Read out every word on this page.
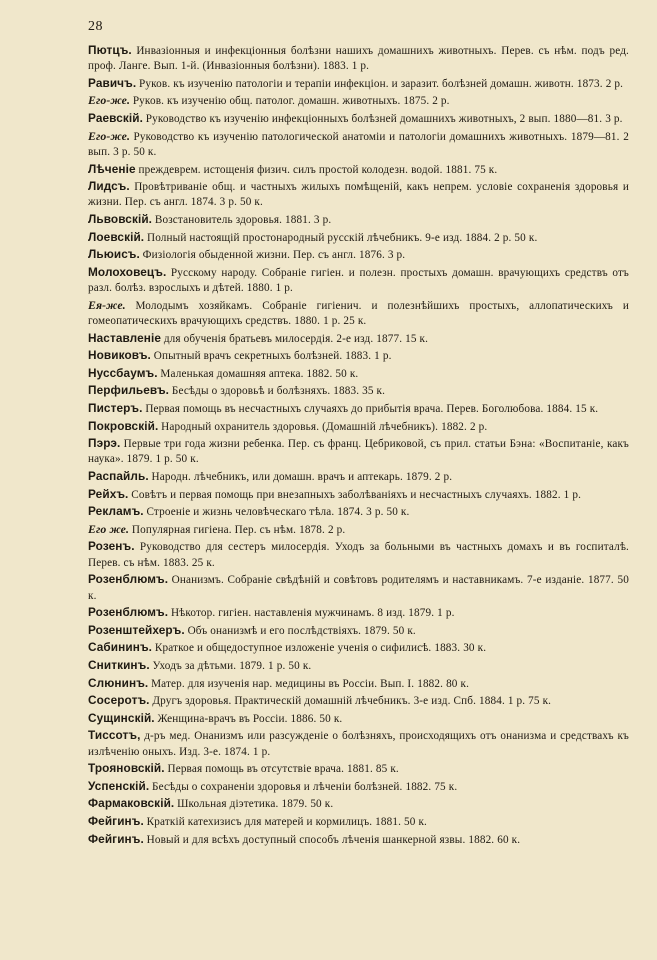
28
Пютцъ. Инвазіонныя и инфекціонныя болѣзни нашихъ домашнихъ животныхъ. Перев. съ нѣм. подъ ред. проф. Ланге. Вып. 1-й. (Инвазіонныя болѣзни). 1883. 1 р.
Равичъ. Руков. къ изученію патологіи и терапіи инфекціон. и заразит. болѣзней домашн. животн. 1873. 2 р.
Его-же. Руков. къ изученію общ. патолог. домашн. животныхъ. 1875. 2 р.
Раевскій. Руководство къ изученію инфекціонныхъ болѣзней домашнихъ животныхъ, 2 вып. 1880—81. 3 р.
Его-же. Руководство къ изученію патологической анатоміи и патологіи домашнихъ животныхъ. 1879—81. 2 вып. 3 р. 50 к.
Лѣченіе преждеврем. истощенія физич. силъ простой колодезн. водой. 1881. 75 к.
Лидсъ. Провѣтриваніе общ. и частныхъ жилыхъ помѣщеній, какъ непрем. условіе сохраненія здоровья и жизни. Пер. съ англ. 1874. 3 р. 50 к.
Львовскій. Возстановитель здоровья. 1881. 3 р.
Лоевскій. Полный настоящій простонародный русскій лѣчебникъ. 9-е изд. 1884. 2 р. 50 к.
Льюисъ. Физіологія обыденной жизни. Пер. съ англ. 1876. 3 р.
Молоховецъ. Русскому народу. Собраніе гигіен. и полезн. простыхъ домашн. врачующихъ средствъ отъ разл. болѣз. взрослыхъ и дѣтей. 1880. 1 р.
Ея-же. Молодымъ хозяйкамъ. Собраніе гигіенич. и полезнѣйшихъ простыхъ, аллопатическихъ и гомеопатическихъ врачующихъ средствъ. 1880. 1 р. 25 к.
Наставленіе для обученія братьевъ милосердія. 2-е изд. 1877. 15 к.
Новиковъ. Опытный врачъ секретныхъ болѣзней. 1883. 1 р.
Нуссбаумъ. Маленькая домашняя аптека. 1882. 50 к.
Перфильевъ. Бесѣды о здоровьѣ и болѣзняхъ. 1883. 35 к.
Пистеръ. Первая помощь въ несчастныхъ случаяхъ до прибытія врача. Перев. Боголюбова. 1884. 15 к.
Покровскій. Народный охранитель здоровья. (Домашній лѣчебникъ). 1882. 2 р.
Пэрэ. Первые три года жизни ребенка. Пер. съ франц. Цебриковой, съ прил. статьи Бэна: «Воспитаніе, какъ наука». 1879. 1 р. 50 к.
Распайль. Народн. лѣчебникъ, или домашн. врачъ и аптекарь. 1879. 2 р.
Рейхъ. Совѣтъ и первая помощь при внезапныхъ заболѣваніяхъ и несчастныхъ случаяхъ. 1882. 1 р.
Рекламъ. Строеніе и жизнь человѣческаго тѣла. 1874. 3 р. 50 к.
Его же. Популярная гигіена. Пер. съ нѣм. 1878. 2 р.
Розенъ. Руководство для сестеръ милосердія. Уходъ за больными въ частныхъ домахъ и въ госпиталѣ. Перев. съ нѣм. 1883. 25 к.
Розенблюмъ. Онанизмъ. Собраніе свѣдѣній и совѣтовъ родителямъ и наставникамъ. 7-е изданіе. 1877. 50 к.
Розенблюмъ. Нѣкотор. гигіен. наставленія мужчинамъ. 8 изд. 1879. 1 р.
Розенштейхеръ. Объ онанизмѣ и его послѣдствіяхъ. 1879. 50 к.
Сабининъ. Краткое и общедоступное изложеніе ученія о сифилисѣ. 1883. 30 к.
Сниткинъ. Уходъ за дѣтьми. 1879. 1 р. 50 к.
Слюнинъ. Матер. для изученія нар. медицины въ Россіи. Вып. I. 1882. 80 к.
Соcеротъ. Другъ здоровья. Практическій домашній лѣчебникъ. 3-е изд. Спб. 1884. 1 р. 75 к.
Сущинскій. Женщина-врачъ въ Россіи. 1886. 50 к.
Тиссотъ, д-ръ мед. Онанизмъ или разсужденіе о болѣзняхъ, происходящихъ отъ онанизма и средствахъ къ излѣченію оныхъ. Изд. 3-е. 1874. 1 р.
Трояновскій. Первая помощь въ отсутствіе врача. 1881. 85 к.
Успенскій. Бесѣды о сохраненіи здоровья и лѣченіи болѣзней. 1882. 75 к.
Фармаковскій. Школьная діэтетика. 1879. 50 к.
Фейгинъ. Краткій катехизисъ для матерей и кормилицъ. 1881. 50 к.
Фейгинъ. Новый и для всѣхъ доступный способъ лѣченія шанкерной язвы. 1882. 60 к.
